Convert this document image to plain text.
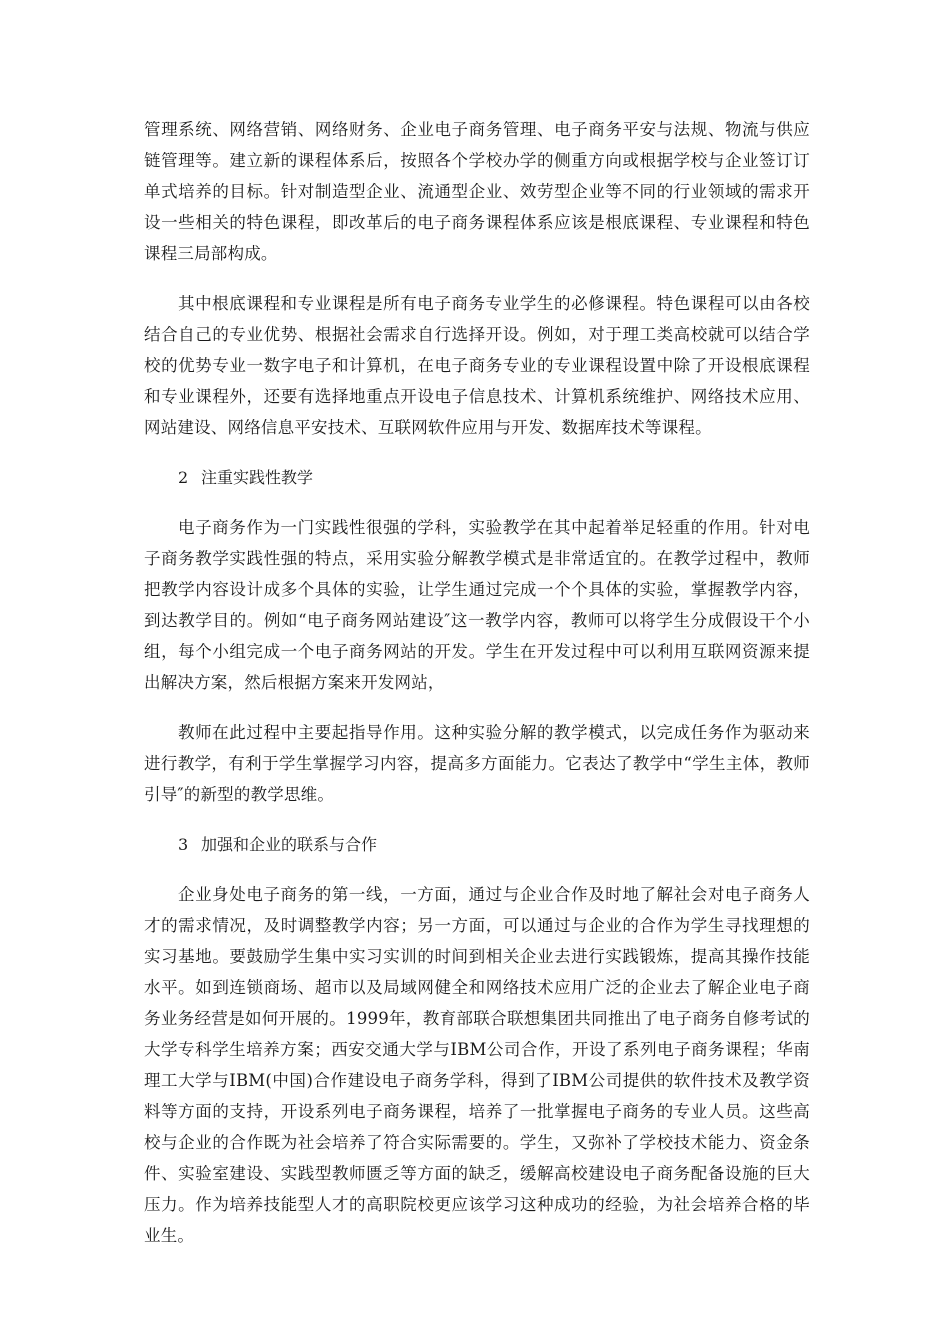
管理系统、网络营销、网络财务、企业电子商务管理、电子商务平安与法规、物流与供应链管理等。建立新的课程体系后，按照各个学校办学的侧重方向或根据学校与企业签订订单式培养的目标。针对制造型企业、流通型企业、效劳型企业等不同的行业领域的需求开设一些相关的特色课程，即改革后的电子商务课程体系应该是根底课程、专业课程和特色课程三局部构成。

其中根底课程和专业课程是所有电子商务专业学生的必修课程。特色课程可以由各校结合自己的专业优势、根据社会需求自行选择开设。例如，对于理工类高校就可以结合学校的优势专业一数字电子和计算机，在电子商务专业的专业课程设置中除了开设根底课程和专业课程外，还要有选择地重点开设电子信息技术、计算机系统维护、网络技术应用、网站建设、网络信息平安技术、互联网软件应用与开发、数据库技术等课程。

2 注重实践性教学

电子商务作为一门实践性很强的学科，实验教学在其中起着举足轻重的作用。针对电子商务教学实践性强的特点，采用实验分解教学模式是非常适宜的。在教学过程中，教师把教学内容设计成多个具体的实验，让学生通过完成一个个具体的实验，掌握教学内容，到达教学目的。例如“电子商务网站建设″这一教学内容，教师可以将学生分成假设干个小组，每个小组完成一个电子商务网站的开发。学生在开发过程中可以利用互联网资源来提出解决方案，然后根据方案来开发网站，

教师在此过程中主要起指导作用。这种实验分解的教学模式，以完成任务作为驱动来进行教学，有利于学生掌握学习内容，提高多方面能力。它表达了教学中“学生主体，教师引导″的新型的教学思维。

3 加强和企业的联系与合作

企业身处电子商务的第一线，一方面，通过与企业合作及时地了解社会对电子商务人才的需求情况，及时调整教学内容；另一方面，可以通过与企业的合作为学生寻找理想的实习基地。要鼓励学生集中实习实训的时间到相关企业去进行实践锻炼，提高其操作技能水平。如到连锁商场、超市以及局域网健全和网络技术应用广泛的企业去了解企业电子商务业务经营是如何开展的。1999年，教育部联合联想集团共同推出了电子商务自修考试的大学专科学生培养方案；西安交通大学与IBM公司合作，开设了系列电子商务课程；华南理工大学与IBM(中国)合作建设电子商务学科，得到了IBM公司提供的软件技术及教学资料等方面的支持，开设系列电子商务课程，培养了一批掌握电子商务的专业人员。这些高校与企业的合作既为社会培养了符合实际需要的。学生，又弥补了学校技术能力、资金条件、实验室建设、实践型教师匮乏等方面的缺乏，缓解高校建设电子商务配备设施的巨大压力。作为培养技能型人才的高职院校更应该学习这种成功的经验，为社会培养合格的毕业生。
